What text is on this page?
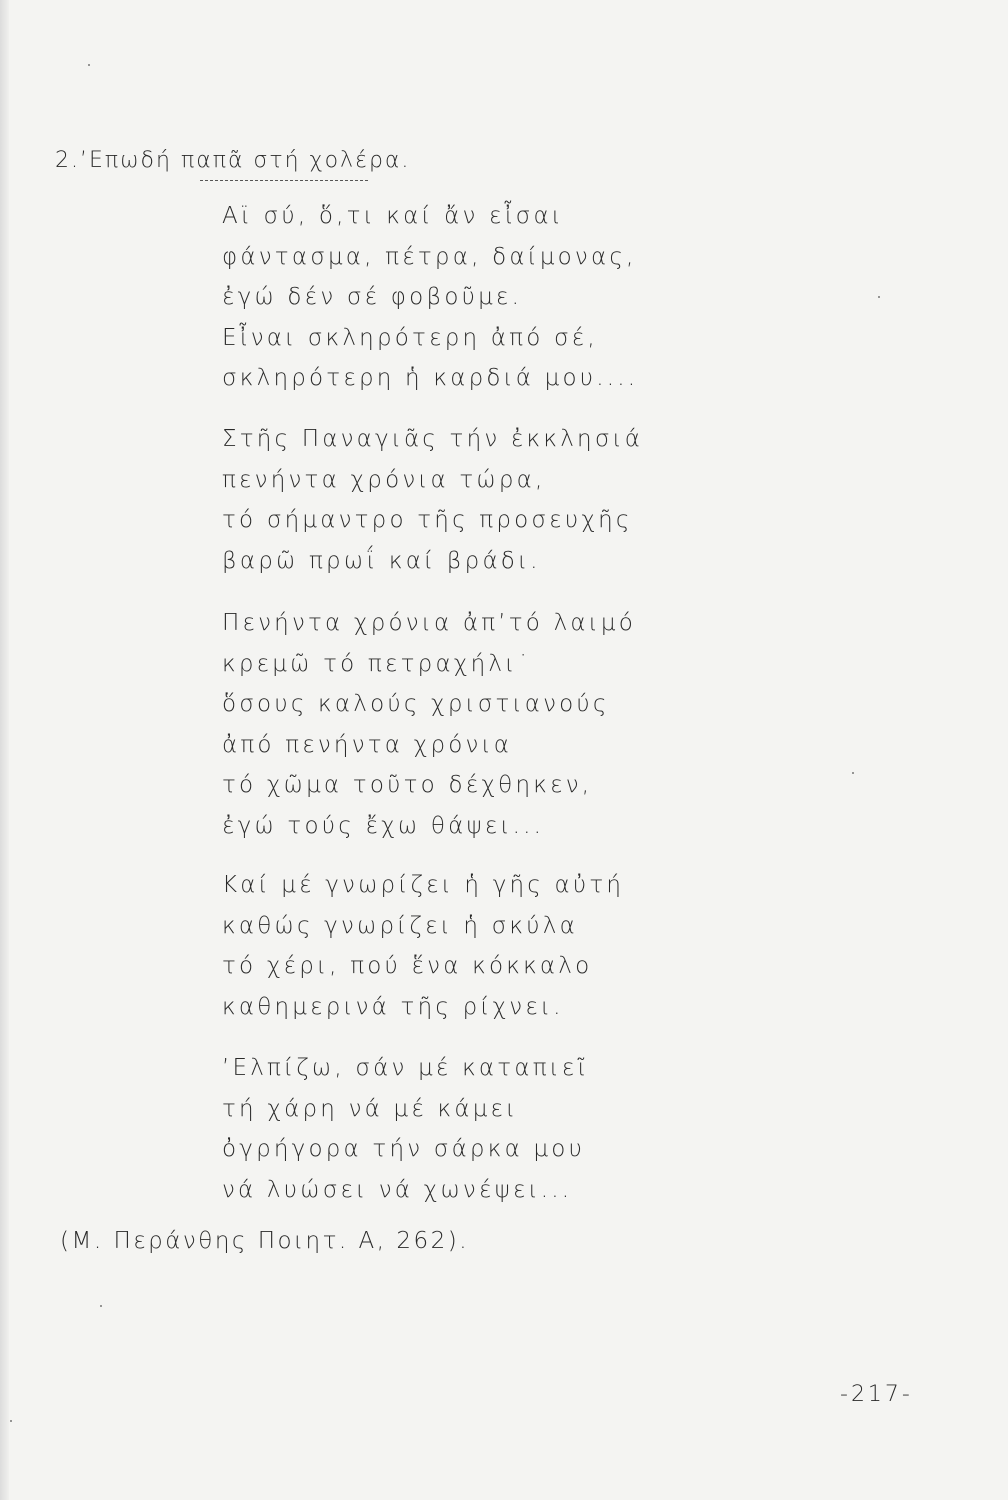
2.’Επωδή παπᾶ στή χολέρα.
Αϊ σύ, ὅ,τι καί ἄν εἶσαι
φάντασμα, πέτρα, δαίμονας,
ἐγώ δέν σέ φοβοῦμε.
Εἶναι σκληρότερη ἀπό σέ,
σκληρότερη ἡ καρδιά μου....
Στῆς Παναγιᾶς τήν ἐκκλησιά
πενήντα χρόνια τώρα,
τό σήμαντρο τῆς προσευχῆς
βαρῶ πρωΐ καί βράδι.
Πενήντα χρόνια ἀπ’τό λαιμό
κρεμῶ τό πετραχήλι˙
ὅσους καλούς χριστιανούς
ἀπό πενήντα χρόνια
τό χῶμα τοῦτο δέχθηκεν,
ἐγώ τούς ἔχω θάψει...
Καί μέ γνωρίζει ἡ γῆς αὐτή
καθώς γνωρίζει ἡ σκύλα
τό χέρι, πού ἕνα κόκκαλο
καθημερινά τῆς ρίχνει.
’Ελπίζω, σάν μέ καταπιεῖ
τή χάρη νά μέ κάμει
ὀγρήγορα τήν σάρκα μου
νά λυώσει νά χωνέψει...
(Μ. Περάνθης Ποιητ. Α, 262).
-217-
